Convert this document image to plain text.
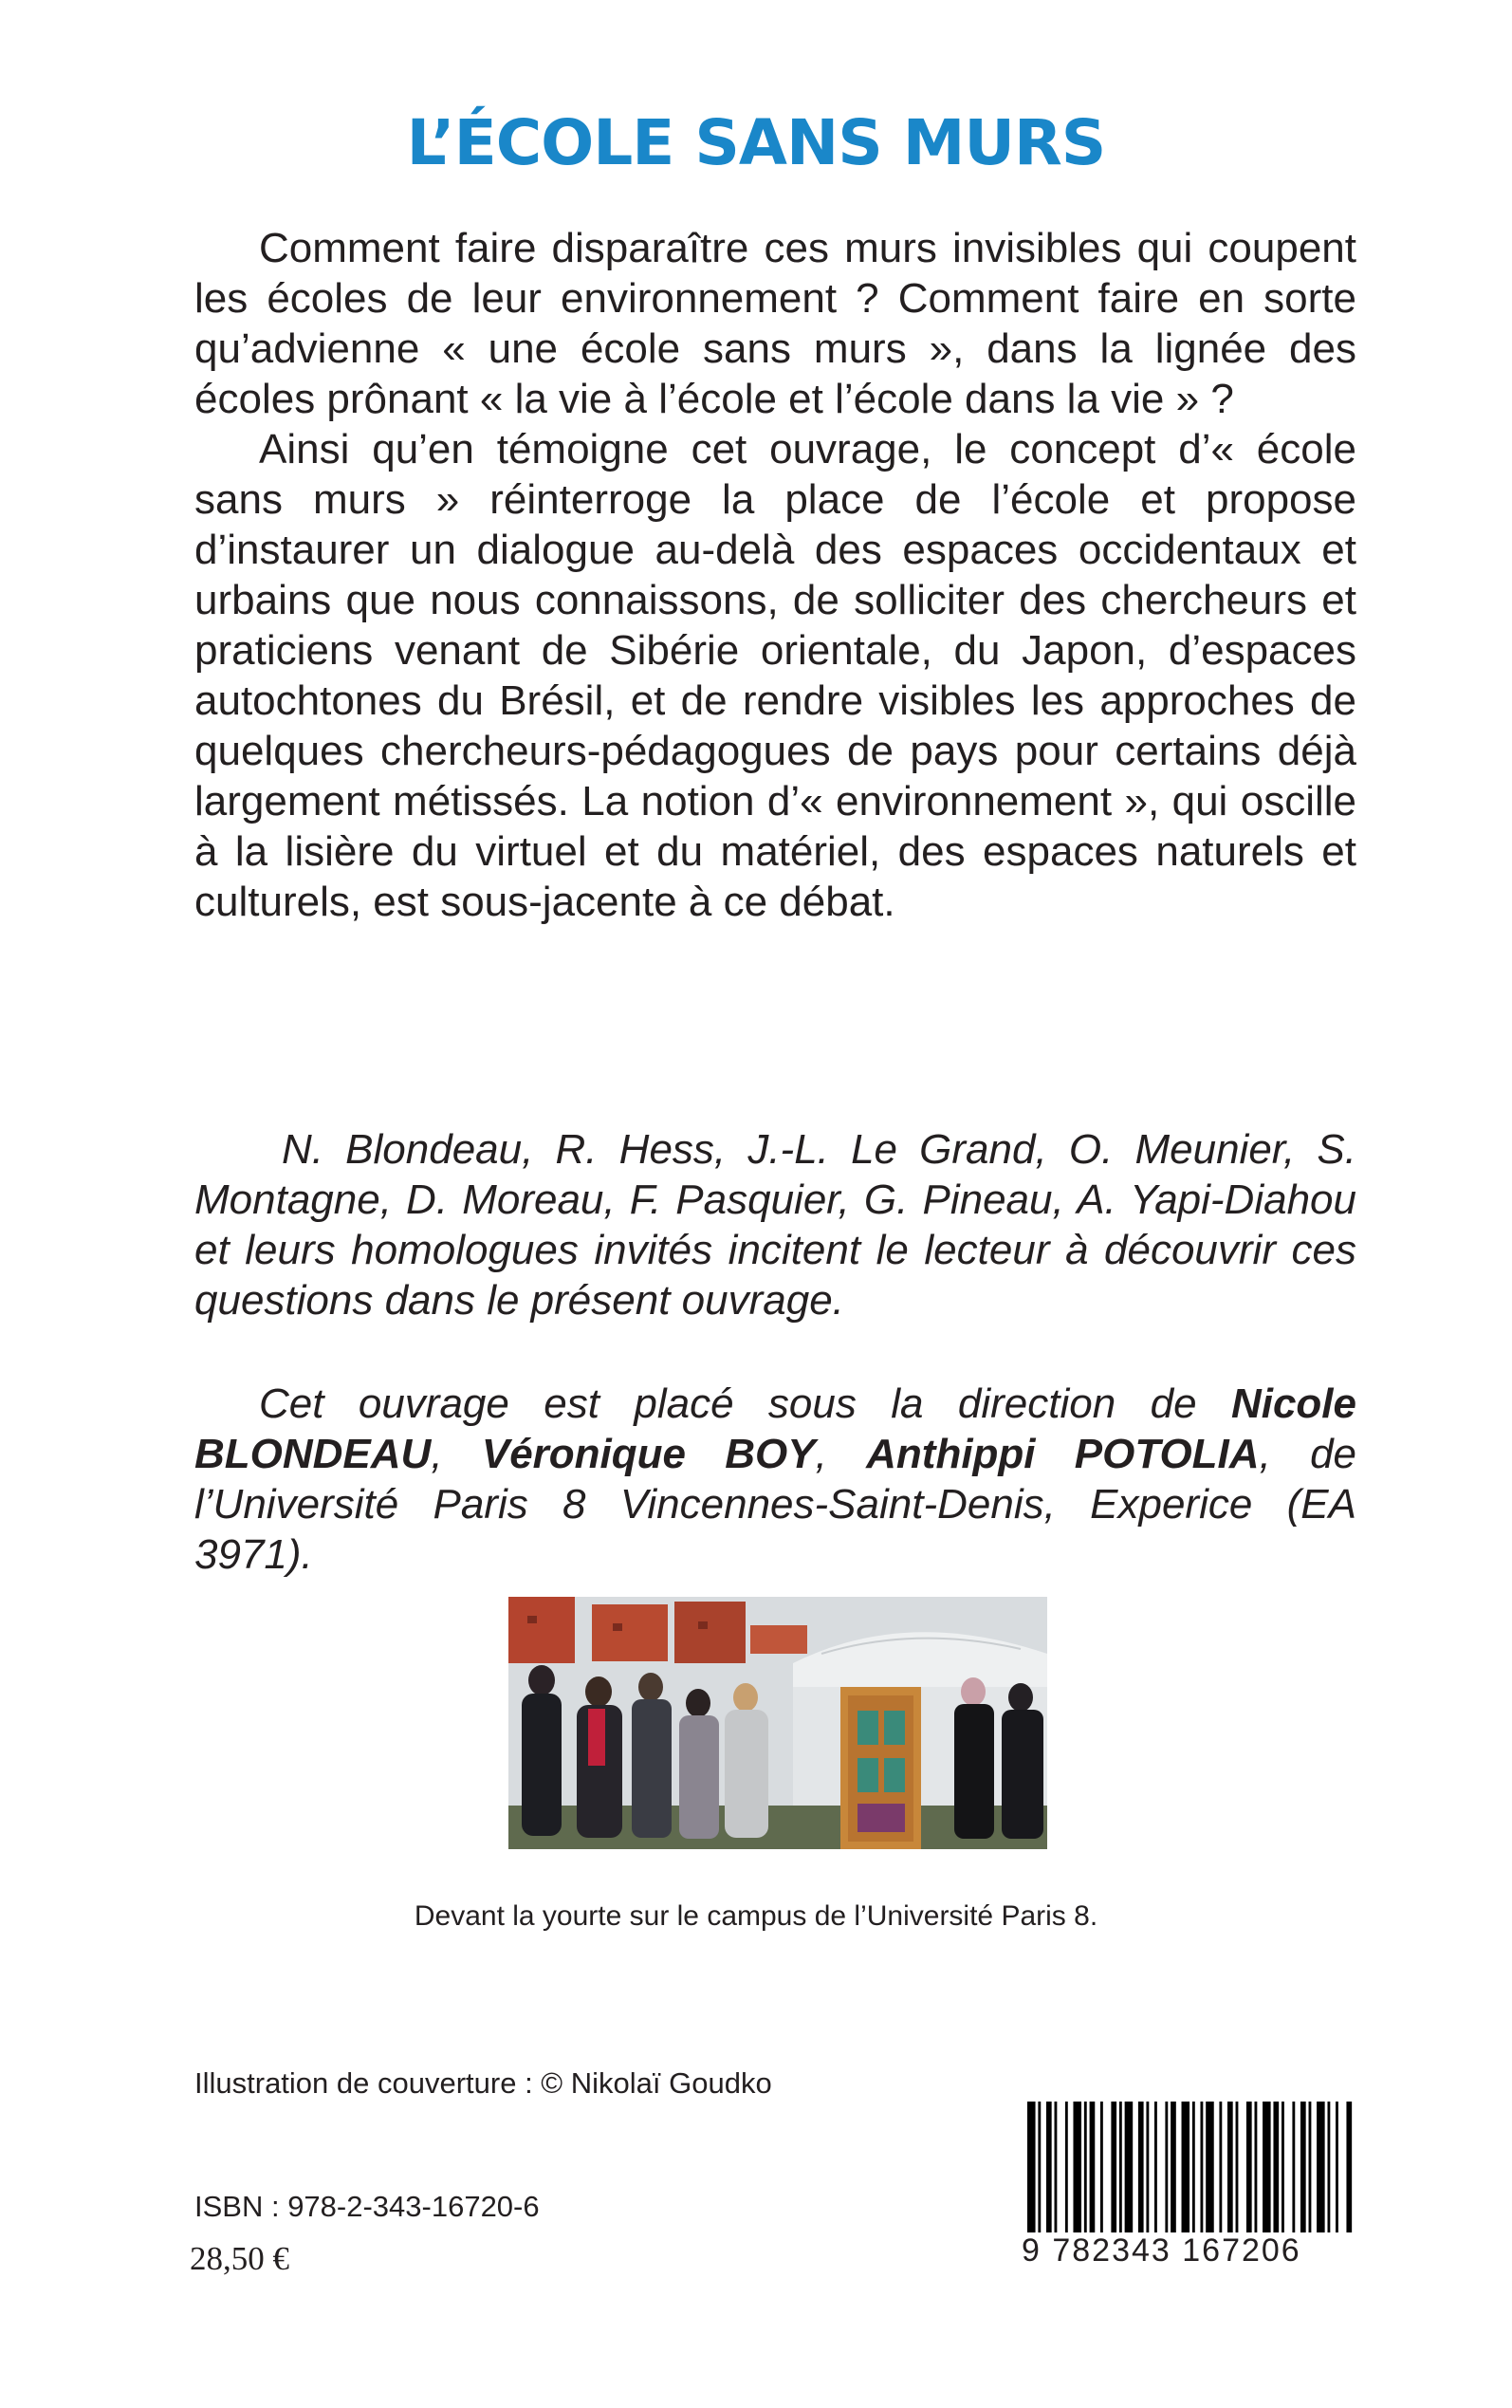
L’ÉCOLE SANS MURS

Comment faire disparaître ces murs invisibles qui coupent les écoles de leur environnement ? Comment faire en sorte qu’advienne « une école sans murs », dans la lignée des écoles prônant « la vie à l’école et l’école dans la vie » ?

Ainsi qu’en témoigne cet ouvrage, le concept d’« école sans murs » réinterroge la place de l’école et propose d’instaurer un dialogue au-delà des espaces occidentaux et urbains que nous connaissons, de solliciter des chercheurs et praticiens venant de Sibérie orientale, du Japon, d’espaces autochtones du Brésil, et de rendre visibles les approches de quelques chercheurs-pédagogues de pays pour certains déjà largement métissés. La notion d’« environnement », qui oscille à la lisière du virtuel et du matériel, des espaces naturels et culturels, est sous-jacente à ce débat.

N. Blondeau, R. Hess, J.-L. Le Grand, O. Meunier, S. Montagne, D. Moreau, F. Pasquier, G. Pineau, A. Yapi-Diahou et leurs homologues invités incitent le lecteur à découvrir ces questions dans le présent ouvrage.

Cet ouvrage est placé sous la direction de Nicole BLONDEAU, Véronique BOY, Anthippi POTOLIA, de l’Université Paris 8 Vincennes-Saint-Denis, Experice (EA 3971).

Devant la yourte sur le campus de l’Université Paris 8.
Illustration de couverture : © Nikolaï Goudko
ISBN : 978-2-343-16720-6
28,50 €	9 782343 167206
